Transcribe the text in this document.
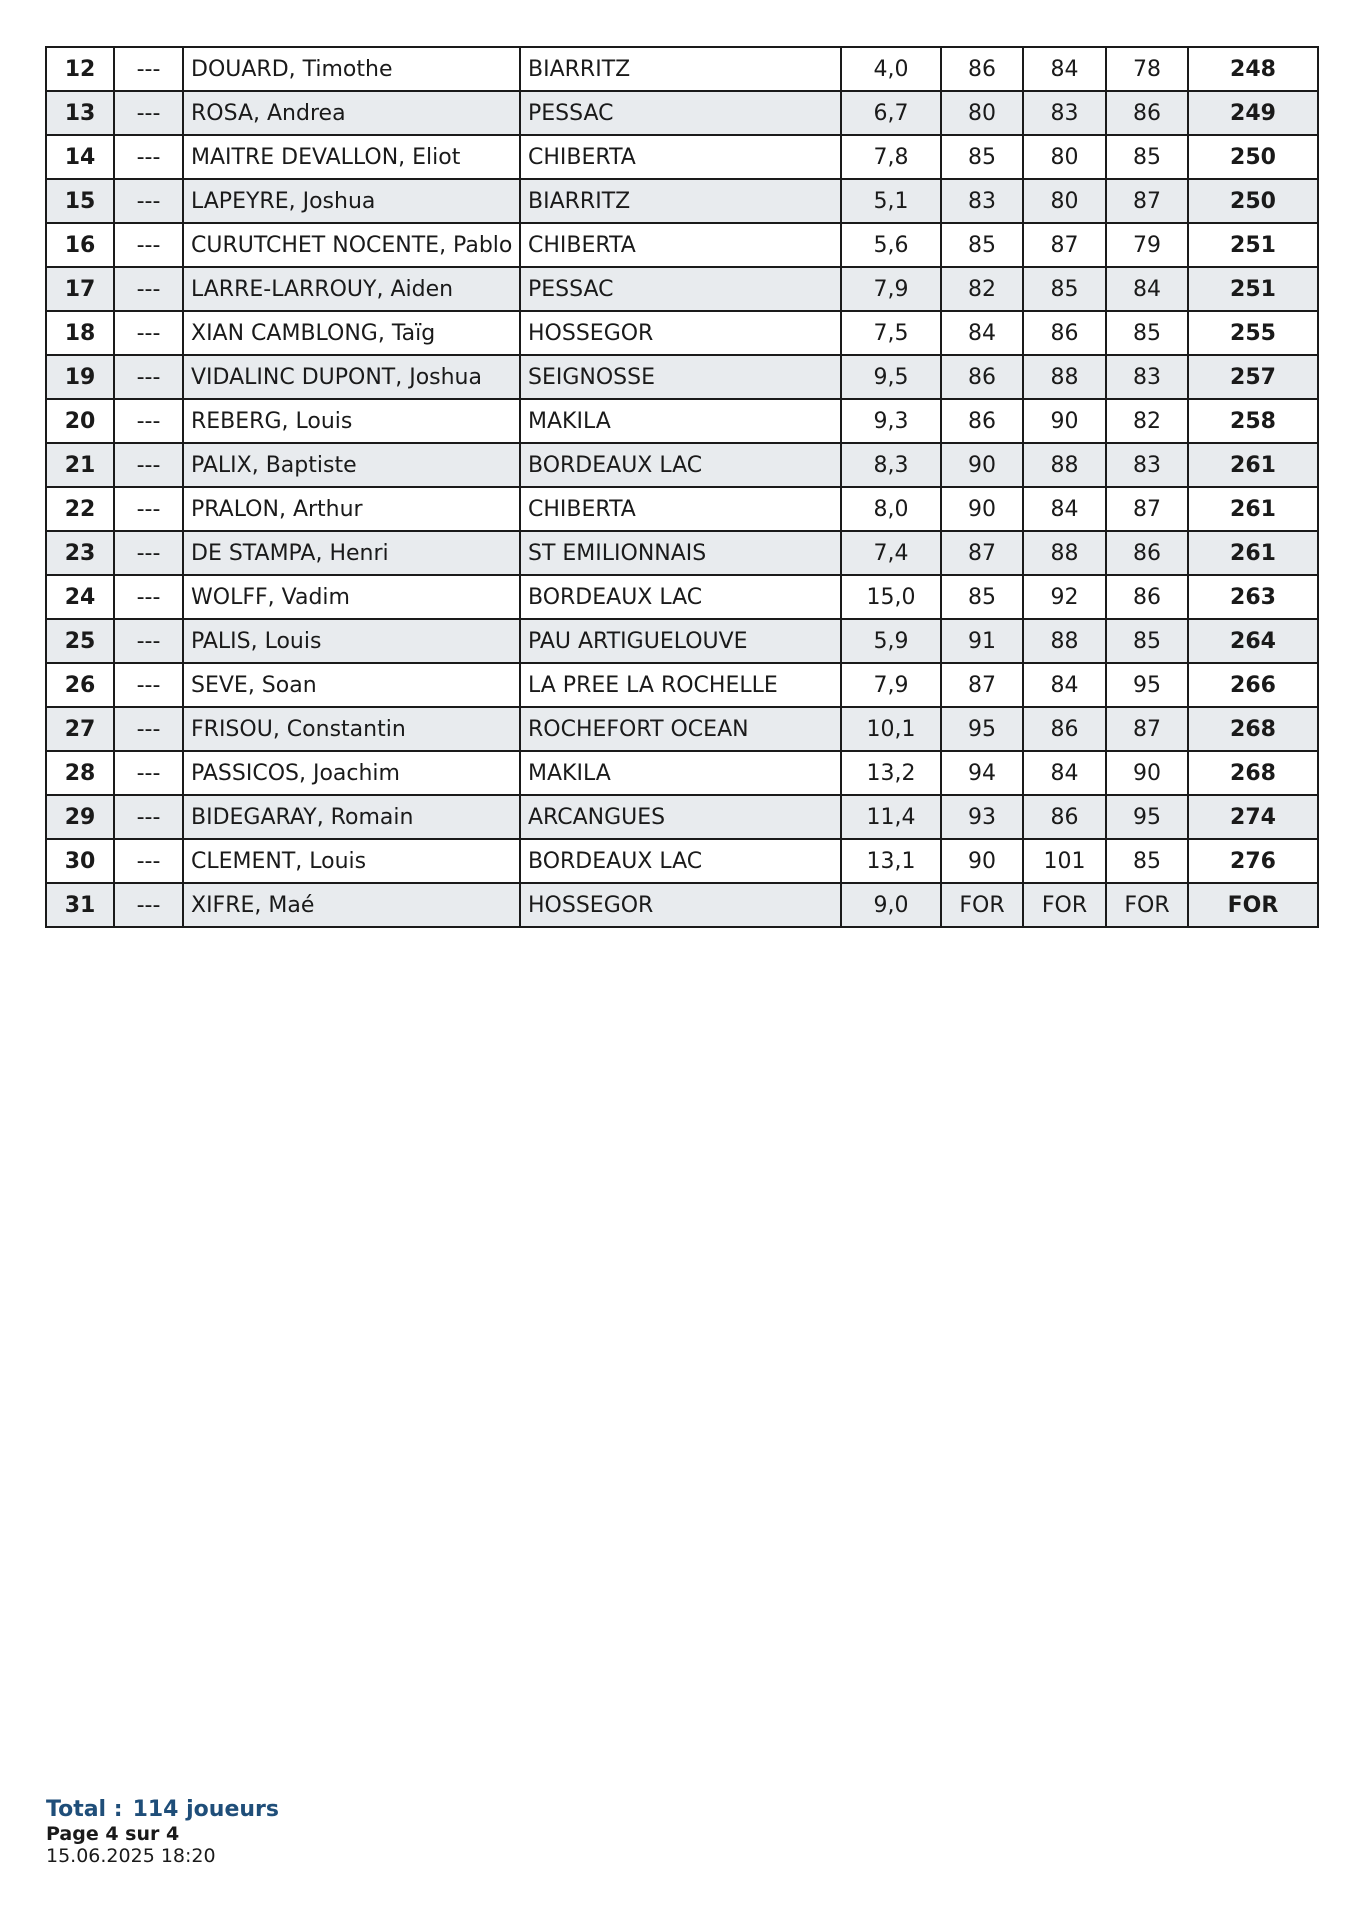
12	---	DOUARD, Timothe	BIARRITZ	4,0	86	84	78	248
13	---	ROSA, Andrea	PESSAC	6,7	80	83	86	249
14	---	MAITRE DEVALLON, Eliot	CHIBERTA	7,8	85	80	85	250
15	---	LAPEYRE, Joshua	BIARRITZ	5,1	83	80	87	250
16	---	CURUTCHET NOCENTE, Pablo	CHIBERTA	5,6	85	87	79	251
17	---	LARRE-LARROUY, Aiden	PESSAC	7,9	82	85	84	251
18	---	XIAN CAMBLONG, Taïg	HOSSEGOR	7,5	84	86	85	255
19	---	VIDALINC DUPONT, Joshua	SEIGNOSSE	9,5	86	88	83	257
20	---	REBERG, Louis	MAKILA	9,3	86	90	82	258
21	---	PALIX, Baptiste	BORDEAUX LAC	8,3	90	88	83	261
22	---	PRALON, Arthur	CHIBERTA	8,0	90	84	87	261
23	---	DE STAMPA, Henri	ST EMILIONNAIS	7,4	87	88	86	261
24	---	WOLFF, Vadim	BORDEAUX LAC	15,0	85	92	86	263
25	---	PALIS, Louis	PAU ARTIGUELOUVE	5,9	91	88	85	264
26	---	SEVE, Soan	LA PREE LA ROCHELLE	7,9	87	84	95	266
27	---	FRISOU, Constantin	ROCHEFORT OCEAN	10,1	95	86	87	268
28	---	PASSICOS, Joachim	MAKILA	13,2	94	84	90	268
29	---	BIDEGARAY, Romain	ARCANGUES	11,4	93	86	95	274
30	---	CLEMENT, Louis	BORDEAUX LAC	13,1	90	101	85	276
31	---	XIFRE, Maé	HOSSEGOR	9,0	FOR	FOR	FOR	FOR
Total : 114 joueurs
Page 4 sur 4
15.06.2025 18:20
